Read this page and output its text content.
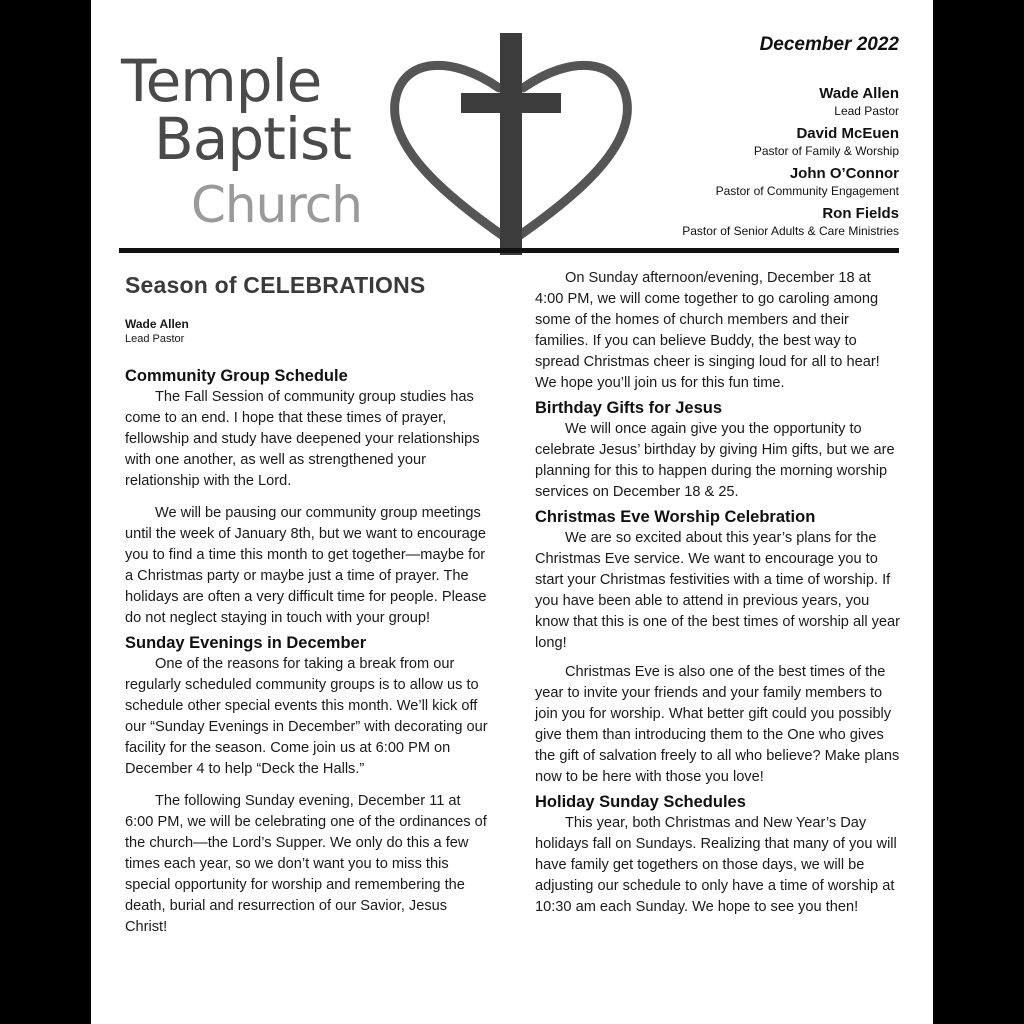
Temple
Baptist
Church
December 2022
Wade Allen
Lead Pastor
David McEuen
Pastor of Family & Worship
John O’Connor
Pastor of Community Engagement
Ron Fields
Pastor of Senior Adults & Care Ministries
Season of CELEBRATIONS
Wade Allen
Lead Pastor
Community Group Schedule

The Fall Session of community group studies has come to an end. I hope that these times of prayer, fellowship and study have deepened your relationships with one another, as well as strengthened your relationship with the Lord.

We will be pausing our community group meetings until the week of January 8th, but we want to encourage you to find a time this month to get together—maybe for a Christmas party or maybe just a time of prayer. The holidays are often a very difficult time for people. Please do not neglect staying in touch with your group!

Sunday Evenings in December

One of the reasons for taking a break from our regularly scheduled community groups is to allow us to schedule other special events this month. We’ll kick off our “Sunday Evenings in December” with decorating our facility for the season. Come join us at 6:00 PM on December 4 to help “Deck the Halls.”

The following Sunday evening, December 11 at 6:00 PM, we will be celebrating one of the ordinances of the church—the Lord’s Supper. We only do this a few times each year, so we don’t want you to miss this special opportunity for worship and remembering the death, burial and resurrection of our Savior, Jesus Christ!

On Sunday afternoon/evening, December 18 at 4:00 PM, we will come together to go caroling among some of the homes of church members and their families. If you can believe Buddy, the best way to spread Christmas cheer is singing loud for all to hear! We hope you’ll join us for this fun time.

Birthday Gifts for Jesus

We will once again give you the opportunity to celebrate Jesus’ birthday by giving Him gifts, but we are planning for this to happen during the morning worship services on December 18 & 25.

Christmas Eve Worship Celebration

We are so excited about this year’s plans for the Christmas Eve service. We want to encourage you to start your Christmas festivities with a time of worship. If you have been able to attend in previous years, you know that this is one of the best times of worship all year long!

Christmas Eve is also one of the best times of the year to invite your friends and your family members to join you for worship. What better gift could you possibly give them than introducing them to the One who gives the gift of salvation freely to all who believe? Make plans now to be here with those you love!

Holiday Sunday Schedules

This year, both Christmas and New Year’s Day holidays fall on Sundays. Realizing that many of you will have family get togethers on those days, we will be adjusting our schedule to only have a time of worship at 10:30 am each Sunday. We hope to see you then!
